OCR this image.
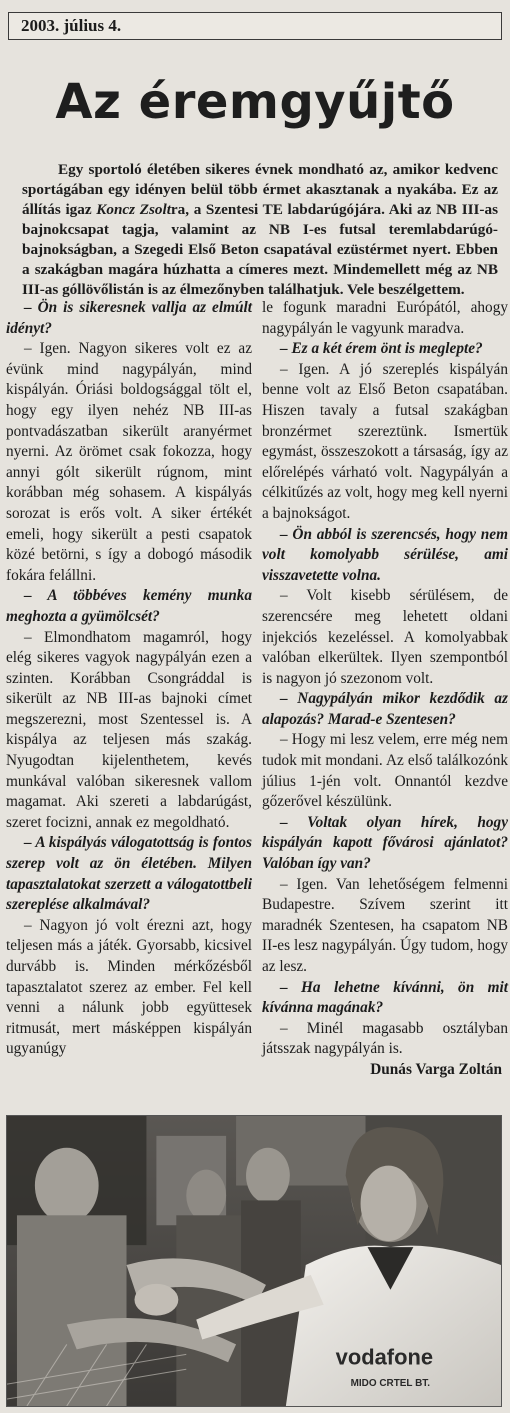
2003. július 4.
Az éremgyűjtő

Egy sportoló életében sikeres évnek mondható az, amikor kedvenc sportágában egy idényen belül több érmet akasztanak a nyakába. Ez az állítás igaz Koncz Zsoltra, a Szentesi TE labdarúgójára. Aki az NB III-as bajnokcsapat tagja, valamint az NB I-es futsal teremlabdarúgó-bajnokságban, a Szegedi Első Beton csapatával ezüstérmet nyert. Ebben a szakágban magára húzhatta a címeres mezt. Mindemellett még az NB III-as góllövőlistán is az élmezőnyben találhatjuk. Vele beszélgettem.

– Ön is sikeresnek vallja az elmúlt idényt?

– Igen. Nagyon sikeres volt ez az évünk mind nagypályán, mind kispályán. Óriási boldogsággal tölt el, hogy egy ilyen nehéz NB III-as pontvadászatban sikerült aranyérmet nyerni. Az örömet csak fokozza, hogy annyi gólt sikerült rúgnom, mint korábban még sohasem. A kispályás sorozat is erős volt. A siker értékét emeli, hogy sikerült a pesti csapatok közé betörni, s így a dobogó második fokára felállni.

– A többéves kemény munka meghozta a gyümölcsét?

– Elmondhatom magamról, hogy elég sikeres vagyok nagypályán ezen a szinten. Korábban Csongráddal is sikerült az NB III-as bajnoki címet megszerezni, most Szentessel is. A kispálya az teljesen más szakág. Nyugodtan kijelenthetem, kevés munkával valóban sikeresnek vallom magamat. Aki szereti a labdarúgást, szeret focizni, annak ez megoldható.

– A kispályás válogatottság is fontos szerep volt az ön életében. Milyen tapasztalatokat szerzett a válogatottbeli szereplése alkalmával?

– Nagyon jó volt érezni azt, hogy teljesen más a játék. Gyorsabb, kicsivel durvább is. Minden mérkőzésből tapasztalatot szerez az ember. Fel kell venni a nálunk jobb együttesek ritmusát, mert másképpen kispályán ugyanúgy

le fogunk maradni Európától, ahogy nagypályán le vagyunk maradva.

– Ez a két érem önt is meglepte?

– Igen. A jó szereplés kispályán benne volt az Első Beton csapatában. Hiszen tavaly a futsal szakágban bronzérmet szereztünk. Ismertük egymást, összeszokott a társaság, így az előrelépés várható volt. Nagypályán a célkitűzés az volt, hogy meg kell nyerni a bajnokságot.

– Ön abból is szerencsés, hogy nem volt komolyabb sérülése, ami visszavetette volna.

– Volt kisebb sérülésem, de szerencsére meg lehetett oldani injekciós kezeléssel. A komolyabbak valóban elkerültek. Ilyen szempontból is nagyon jó szezonom volt.

– Nagypályán mikor kezdődik az alapozás? Marad-e Szentesen?

– Hogy mi lesz velem, erre még nem tudok mit mondani. Az első találkozónk július 1-jén volt. Onnantól kezdve gőzerővel készülünk.

– Voltak olyan hírek, hogy kispályán kapott fővárosi ajánlatot? Valóban így van?

– Igen. Van lehetőségem felmenni Budapestre. Szívem szerint itt maradnék Szentesen, ha csapatom NB II-es lesz nagypályán. Úgy tudom, hogy az lesz.

– Ha lehetne kívánni, ön mit kívánna magának?

– Minél magasabb osztályban játsszak nagypályán is.

Dunás Varga Zoltán

vodafone
MIDO CRTEL BT.
